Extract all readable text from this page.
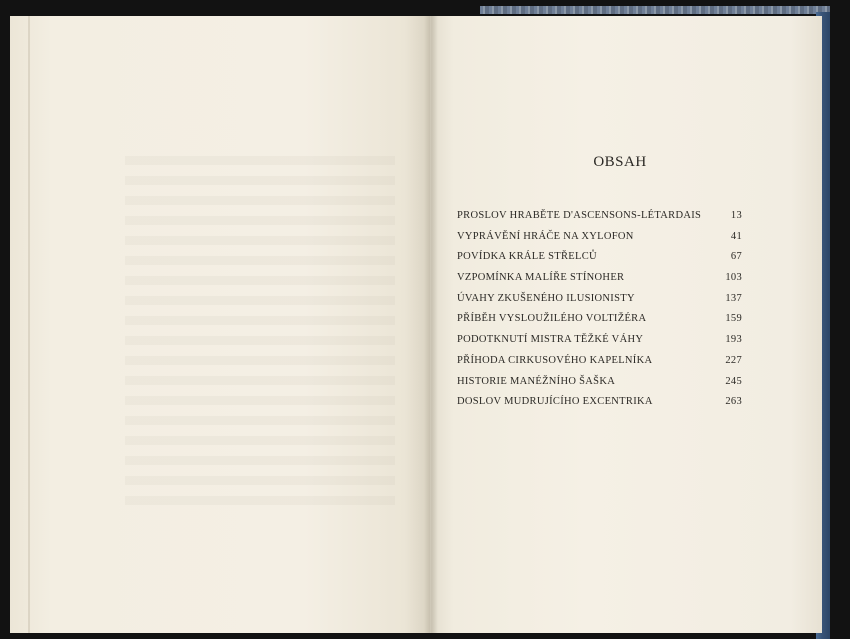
OBSAH
PROSLOV HRABĚTE D'ASCENSONS-LÉTARDAIS	13
VYPRÁVĚNÍ HRÁČE NA XYLOFON	41
POVÍDKA KRÁLE STŘELCŮ	67
VZPOMÍNKA MALÍŘE STÍNOHER	103
ÚVAHY ZKUŠENÉHO ILUSIONISTY	137
PŘÍBĚH VYSLOUŽILÉHO VOLTIŽÉRA	159
PODOTKNUTÍ MISTRA TĚŽKÉ VÁHY	193
PŘÍHODA CIRKUSOVÉHO KAPELNÍKA	227
HISTORIE MANÉŽNÍHO ŠAŠKA	245
DOSLOV MUDRUJÍCÍHO EXCENTRIKA	263
